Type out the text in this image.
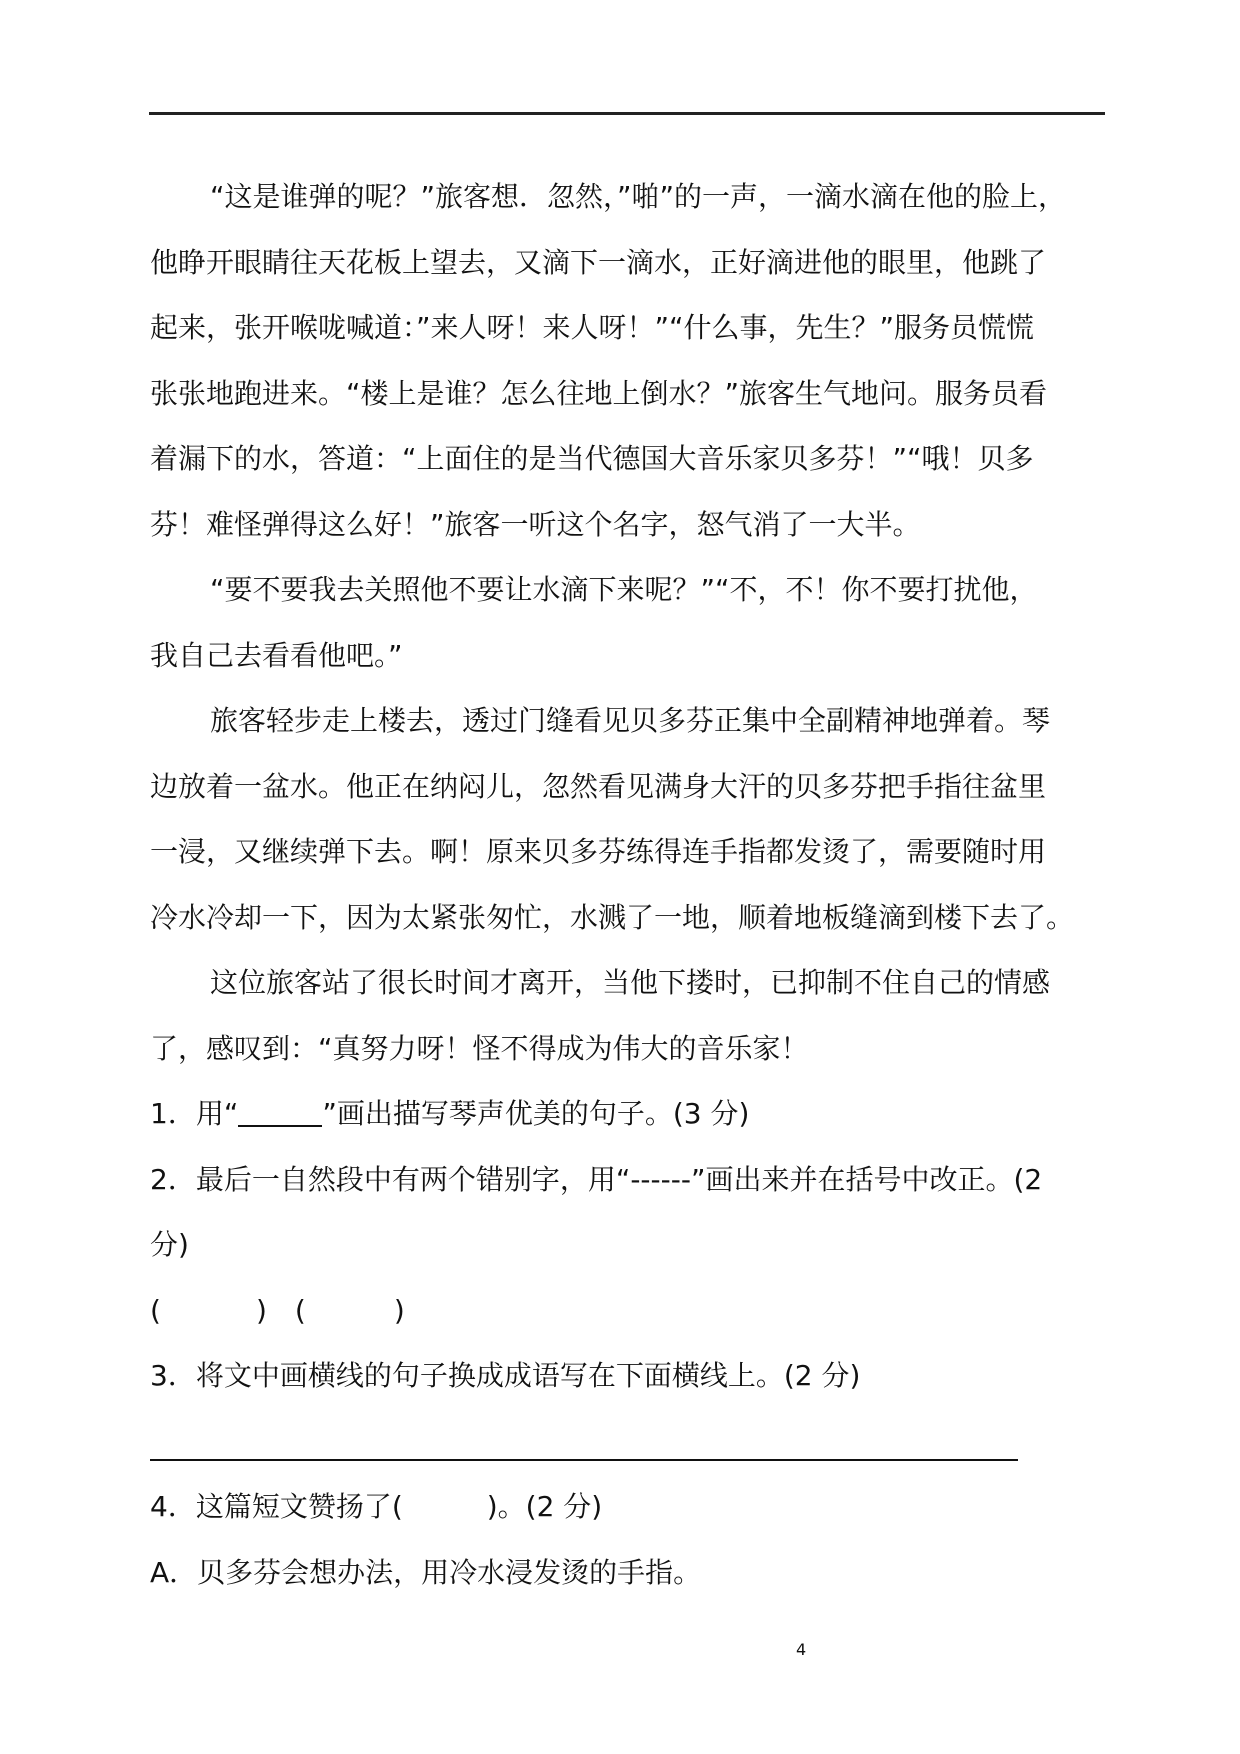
“这是谁弹的呢？”旅客想．忽然，”啪”的一声，一滴水滴在他的脸上，
他睁开眼睛往天花板上望去，又滴下一滴水，正好滴进他的眼里，他跳了
起来，张开喉咙喊道：”来人呀！来人呀！”“什么事，先生？”服务员慌慌
张张地跑进来。“楼上是谁？怎么往地上倒水？”旅客生气地问。服务员看
着漏下的水，答道：“上面住的是当代德国大音乐家贝多芬！”“哦！贝多
芬！难怪弹得这么好！”旅客一听这个名字，怒气消了一大半。
“要不要我去关照他不要让水滴下来呢？”“不，不！你不要打扰他，
我自己去看看他吧。”
旅客轻步走上楼去，透过门缝看见贝多芬正集中全副精神地弹着。琴
边放着一盆水。他正在纳闷儿，忽然看见满身大汗的贝多芬把手指往盆里
一浸，又继续弹下去。啊！原来贝多芬练得连手指都发烫了，需要随时用
冷水冷却一下，因为太紧张匆忙，水溅了一地，顺着地板缝滴到楼下去了。
这位旅客站了很长时间才离开，当他下搂时，已抑制不住自己的情感
了，感叹到：“真努力呀！怪不得成为伟大的音乐家！
1．用“	”画出描写琴声优美的句子。(3 分)
2．最后一自然段中有两个错别字，用“------”画出来并在括号中改正。(2
分)
(	) (	)
3．将文中画横线的句子换成成语写在下面横线上。(2 分)
4．这篇短文赞扬了(　　　)。(2 分)
A．贝多芬会想办法，用冷水浸发烫的手指。
4
